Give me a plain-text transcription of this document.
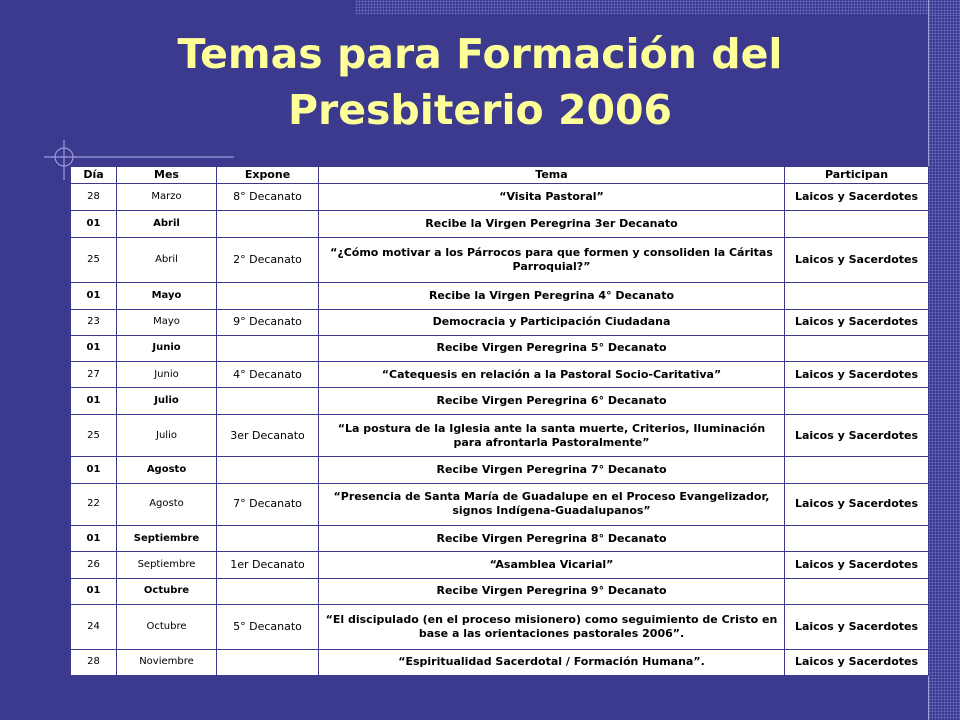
Temas para Formación del Presbiterio 2006
Día	Mes	Expone	Tema	Participan
28	Marzo	8° Decanato	“Visita Pastoral”	Laicos y Sacerdotes
01	Abril		Recibe la Virgen Peregrina 3er Decanato	
25	Abril	2° Decanato	“¿Cómo motivar a los Párrocos para que formen y consoliden la Cáritas Parroquial?”	Laicos y Sacerdotes
01	Mayo		Recibe la Virgen Peregrina 4° Decanato	
23	Mayo	9° Decanato	Democracia y Participación Ciudadana	Laicos y Sacerdotes
01	Junio		Recibe Virgen Peregrina 5° Decanato	
27	Junio	4° Decanato	“Catequesis en relación a la Pastoral Socio-Caritativa”	Laicos y Sacerdotes
01	Julio		Recibe Virgen Peregrina 6° Decanato	
25	Julio	3er Decanato	“La postura de la Iglesia ante la santa muerte, Criterios, Iluminación para afrontarla Pastoralmente”	Laicos y Sacerdotes
01	Agosto		Recibe Virgen Peregrina 7° Decanato	
22	Agosto	7° Decanato	“Presencia de Santa María de Guadalupe en el Proceso Evangelizador, signos Indígena-Guadalupanos”	Laicos y Sacerdotes
01	Septiembre		Recibe Virgen Peregrina 8° Decanato	
26	Septiembre	1er Decanato	“Asamblea Vicarial”	Laicos y Sacerdotes
01	Octubre		Recibe Virgen Peregrina 9° Decanato	
24	Octubre	5° Decanato	“El discipulado (en el proceso misionero) como seguimiento de Cristo en base a las orientaciones pastorales 2006”.	Laicos y Sacerdotes
28	Noviembre		“Espiritualidad Sacerdotal / Formación Humana”.	Laicos y Sacerdotes
